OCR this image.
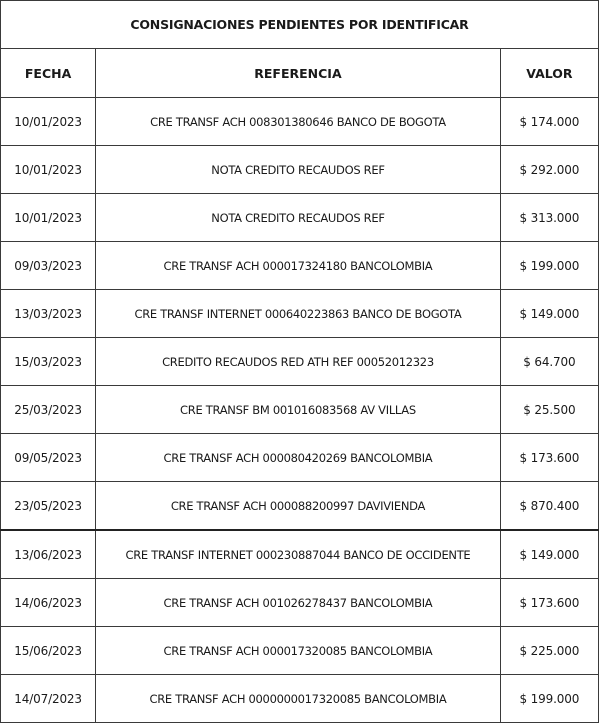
CONSIGNACIONES PENDIENTES POR IDENTIFICAR		
FECHA	REFERENCIA	VALOR
10/01/2023	CRE TRANSF ACH 008301380646 BANCO DE BOGOTA	$ 174.000
10/01/2023	NOTA CREDITO RECAUDOS REF	$ 292.000
10/01/2023	NOTA CREDITO RECAUDOS REF	$ 313.000
09/03/2023	CRE TRANSF ACH 000017324180 BANCOLOMBIA	$ 199.000
13/03/2023	CRE TRANSF INTERNET 000640223863 BANCO DE BOGOTA	$ 149.000
15/03/2023	CREDITO RECAUDOS RED ATH REF 00052012323	$ 64.700
25/03/2023	CRE TRANSF BM 001016083568 AV VILLAS	$ 25.500
09/05/2023	CRE TRANSF ACH 000080420269 BANCOLOMBIA	$ 173.600
23/05/2023	CRE TRANSF ACH 000088200997 DAVIVIENDA	$ 870.400
13/06/2023	CRE TRANSF INTERNET 000230887044 BANCO DE OCCIDENTE	$ 149.000
14/06/2023	CRE TRANSF ACH 001026278437 BANCOLOMBIA	$ 173.600
15/06/2023	CRE TRANSF ACH 000017320085 BANCOLOMBIA	$ 225.000
14/07/2023	CRE TRANSF ACH 0000000017320085 BANCOLOMBIA	$ 199.000
